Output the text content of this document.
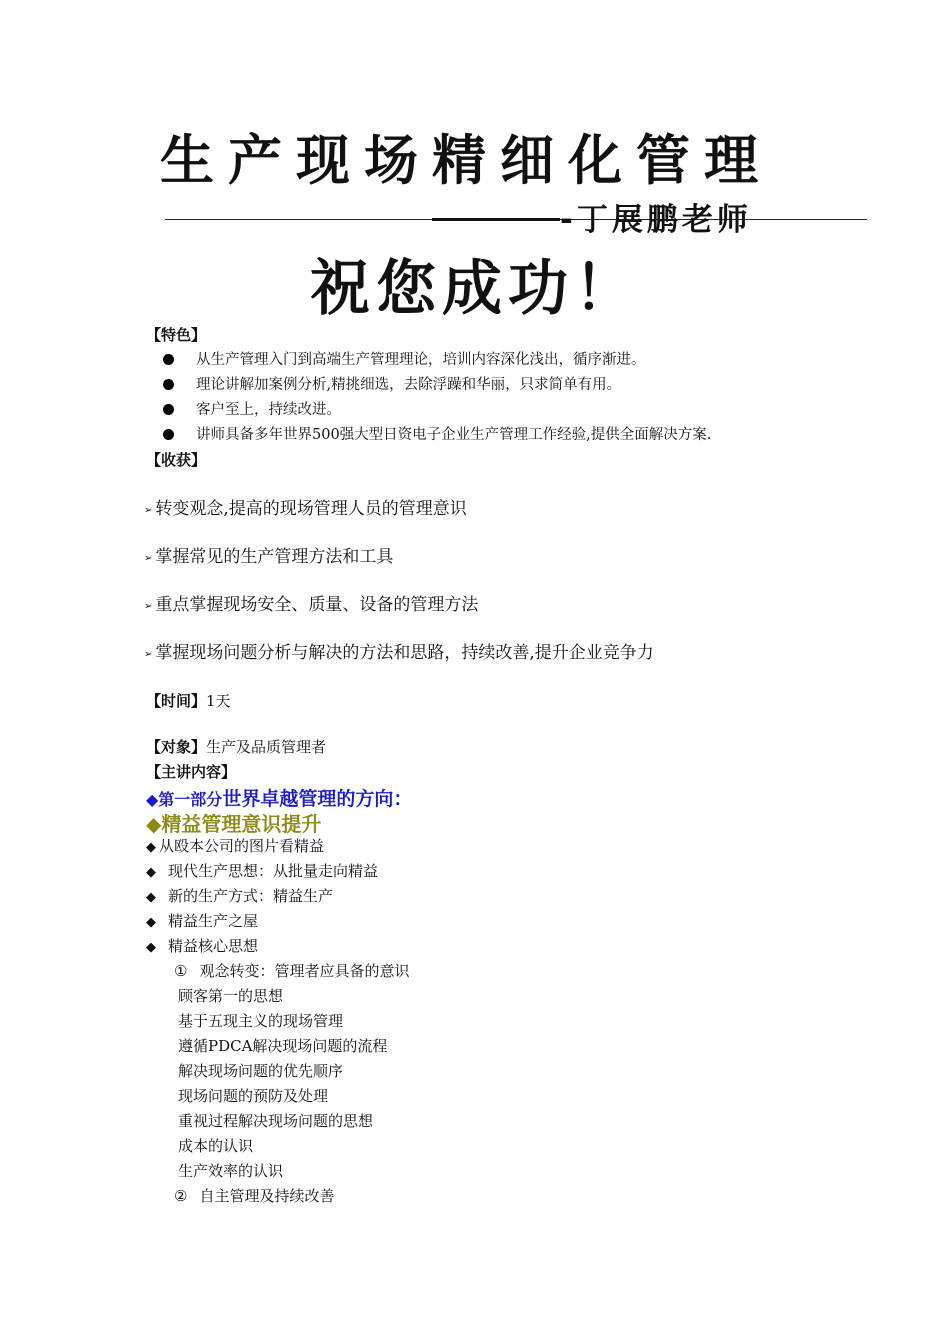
生产现场精细化管理
-丁展鹏老师
祝您成功！
【特色】
从生产管理入门到高端生产管理理论，培训内容深化浅出，循序渐进。
理论讲解加案例分析,精挑细选，去除浮躁和华丽，只求简单有用。
客户至上，持续改进。
讲师具备多年世界500强大型日资电子企业生产管理工作经验,提供全面解决方案.
【收获】
➢ 转变观念,提高的现场管理人员的管理意识
➢ 掌握常见的生产管理方法和工具
➢ 重点掌握现场安全、质量、设备的管理方法
➢ 掌握现场问题分析与解决的方法和思路，持续改善,提升企业竞争力
【时间】1天
【对象】生产及品质管理者
【主讲内容】
◆第一部分世界卓越管理的方向：
◆精益管理意识提升
◆ 从殴本公司的图片看精益
◆ 现代生产思想：从批量走向精益
◆ 新的生产方式：精益生产
◆ 精益生产之屋
◆ 精益核心思想
① 观念转变：管理者应具备的意识
顾客第一的思想
基于五现主义的现场管理
遵循PDCA解决现场问题的流程
解决现场问题的优先顺序
现场问题的预防及处理
重视过程解决现场问题的思想
成本的认识
生产效率的认识
② 自主管理及持续改善
